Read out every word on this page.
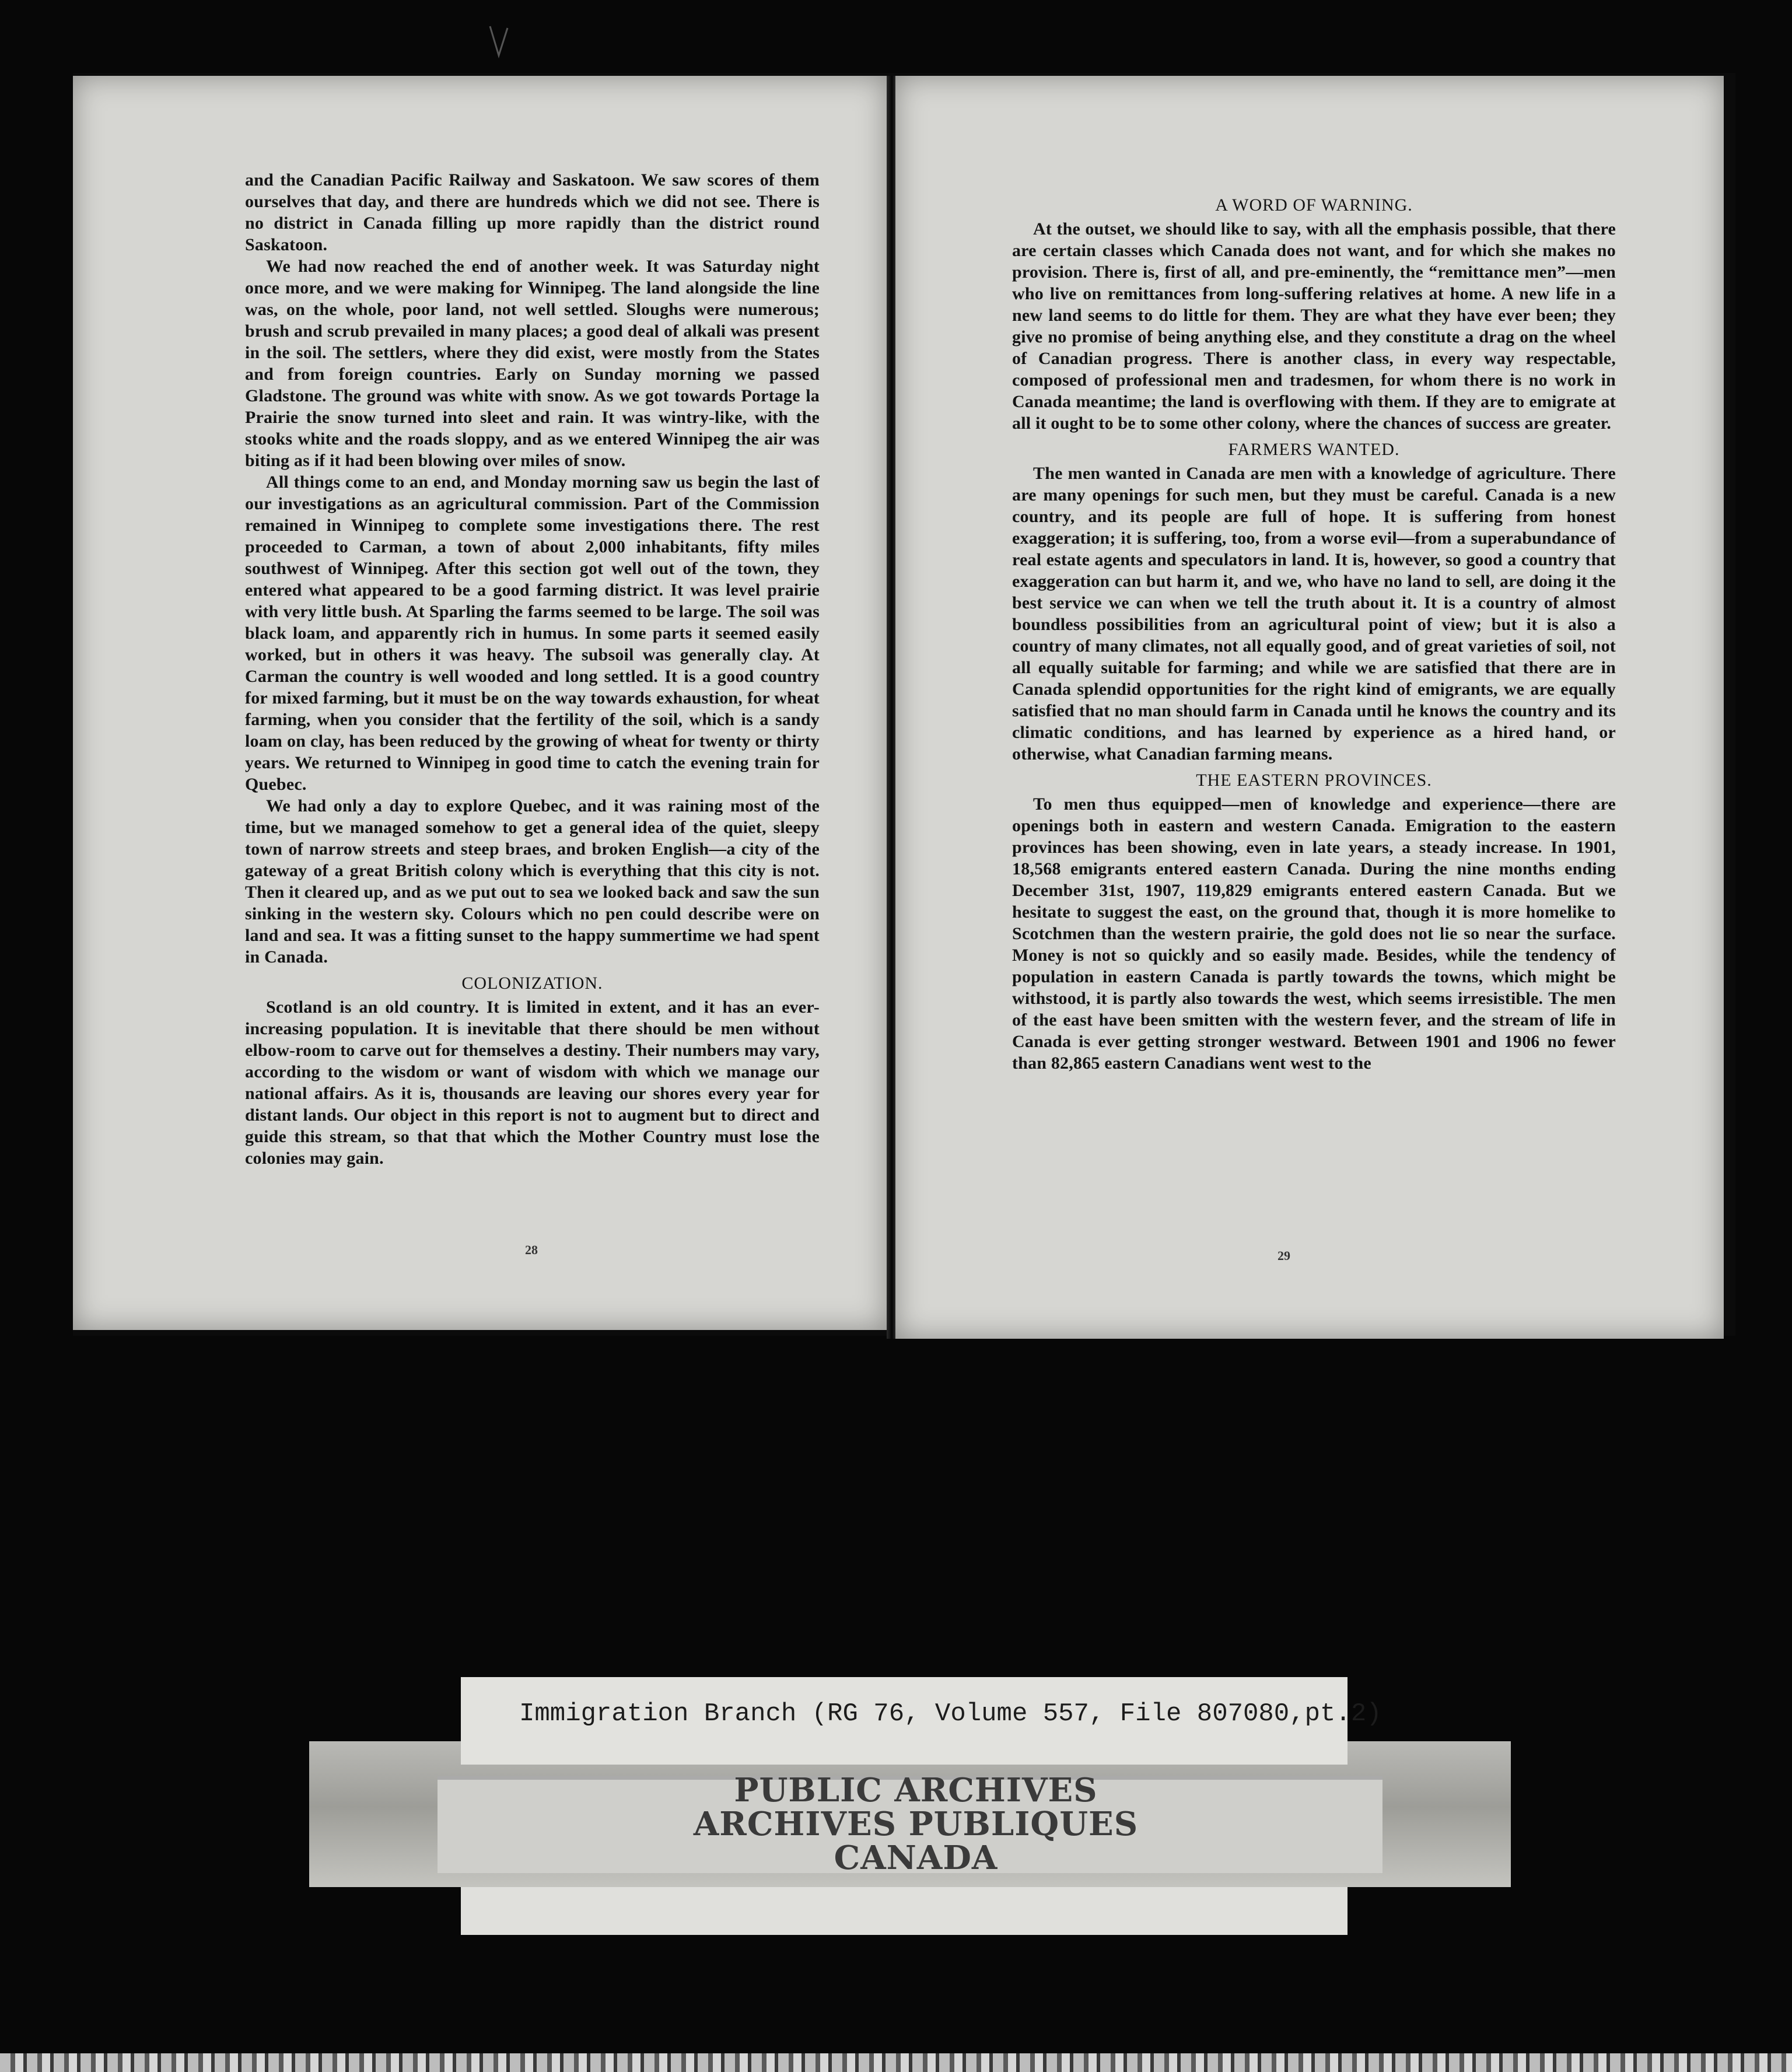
and the Canadian Pacific Railway and Saskatoon. We saw scores of them ourselves that day, and there are hundreds which we did not see. There is no district in Canada filling up more rapidly than the district round Saskatoon.

We had now reached the end of another week. It was Saturday night once more, and we were making for Winnipeg. The land alongside the line was, on the whole, poor land, not well settled. Sloughs were numerous; brush and scrub prevailed in many places; a good deal of alkali was present in the soil. The settlers, where they did exist, were mostly from the States and from foreign countries. Early on Sunday morning we passed Gladstone. The ground was white with snow. As we got towards Portage la Prairie the snow turned into sleet and rain. It was wintry-like, with the stooks white and the roads sloppy, and as we entered Winnipeg the air was biting as if it had been blowing over miles of snow.

All things come to an end, and Monday morning saw us begin the last of our investigations as an agricultural commission. Part of the Commission remained in Winnipeg to complete some investigations there. The rest proceeded to Carman, a town of about 2,000 inhabitants, fifty miles southwest of Winnipeg. After this section got well out of the town, they entered what appeared to be a good farming district. It was level prairie with very little bush. At Sparling the farms seemed to be large. The soil was black loam, and apparently rich in humus. In some parts it seemed easily worked, but in others it was heavy. The subsoil was generally clay. At Carman the country is well wooded and long settled. It is a good country for mixed farming, but it must be on the way towards exhaustion, for wheat farming, when you consider that the fertility of the soil, which is a sandy loam on clay, has been reduced by the growing of wheat for twenty or thirty years. We returned to Winnipeg in good time to catch the evening train for Quebec.

We had only a day to explore Quebec, and it was raining most of the time, but we managed somehow to get a general idea of the quiet, sleepy town of narrow streets and steep braes, and broken English—a city of the gateway of a great British colony which is everything that this city is not. Then it cleared up, and as we put out to sea we looked back and saw the sun sinking in the western sky. Colours which no pen could describe were on land and sea. It was a fitting sunset to the happy summertime we had spent in Canada.

COLONIZATION.

Scotland is an old country. It is limited in extent, and it has an ever-increasing population. It is inevitable that there should be men without elbow-room to carve out for themselves a destiny. Their numbers may vary, according to the wisdom or want of wisdom with which we manage our national affairs. As it is, thousands are leaving our shores every year for distant lands. Our object in this report is not to augment but to direct and guide this stream, so that that which the Mother Country must lose the colonies may gain.

28
A WORD OF WARNING.

At the outset, we should like to say, with all the emphasis possible, that there are certain classes which Canada does not want, and for which she makes no provision. There is, first of all, and pre-eminently, the “remittance men”—men who live on remittances from long-suffering relatives at home. A new life in a new land seems to do little for them. They are what they have ever been; they give no promise of being anything else, and they constitute a drag on the wheel of Canadian progress. There is another class, in every way respectable, composed of professional men and tradesmen, for whom there is no work in Canada meantime; the land is overflowing with them. If they are to emigrate at all it ought to be to some other colony, where the chances of success are greater.

FARMERS WANTED.

The men wanted in Canada are men with a knowledge of agriculture. There are many openings for such men, but they must be careful. Canada is a new country, and its people are full of hope. It is suffering from honest exaggeration; it is suffering, too, from a worse evil—from a superabundance of real estate agents and speculators in land. It is, however, so good a country that exaggeration can but harm it, and we, who have no land to sell, are doing it the best service we can when we tell the truth about it. It is a country of almost boundless possibilities from an agricultural point of view; but it is also a country of many climates, not all equally good, and of great varieties of soil, not all equally suitable for farming; and while we are satisfied that there are in Canada splendid opportunities for the right kind of emigrants, we are equally satisfied that no man should farm in Canada until he knows the country and its climatic conditions, and has learned by experience as a hired hand, or otherwise, what Canadian farming means.

THE EASTERN PROVINCES.

To men thus equipped—men of knowledge and experience—there are openings both in eastern and western Canada. Emigration to the eastern provinces has been showing, even in late years, a steady increase. In 1901, 18,568 emigrants entered eastern Canada. During the nine months ending December 31st, 1907, 119,829 emigrants entered eastern Canada. But we hesitate to suggest the east, on the ground that, though it is more homelike to Scotchmen than the western prairie, the gold does not lie so near the surface. Money is not so quickly and so easily made. Besides, while the tendency of population in eastern Canada is partly towards the towns, which might be withstood, it is partly also towards the west, which seems irresistible. The men of the east have been smitten with the western fever, and the stream of life in Canada is ever getting stronger westward. Between 1901 and 1906 no fewer than 82,865 eastern Canadians went west to the

29
Immigration Branch (RG 76, Volume 557, File 807080,pt.2)
PUBLIC ARCHIVES
ARCHIVES PUBLIQUES
CANADA
